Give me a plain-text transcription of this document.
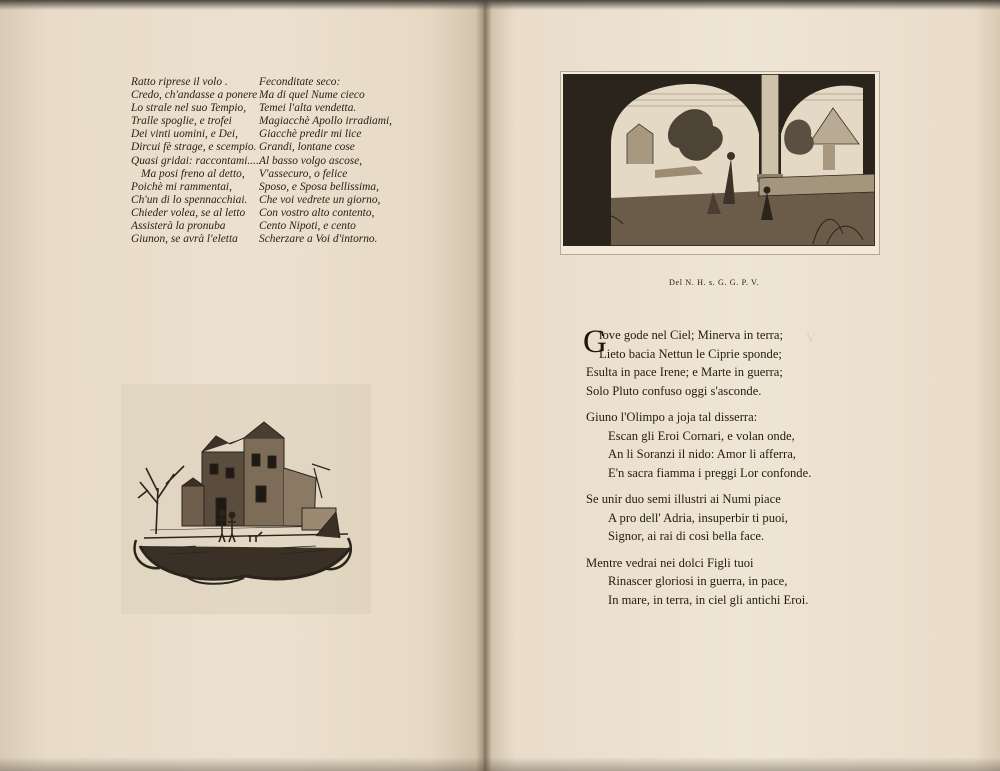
Ratto riprese il volo .
Credo, ch'andasse a ponere
Lo strale nel suo Tempio,
Tralle spoglie, e trofei
Dei vinti uomini, e Dei,
Dircui fè strage, e scempio.
Quasi gridai: raccontami.....
Ma posi freno al detto,
Poichè mi rammentai,
Ch'un di lo spennacchiai.
Chieder volea, se al letto
Assisterà la pronuba
Giunon, se avrà l'eletta
Feconditate seco:
Ma di quel Nume cieco
Temei l'alta vendetta.
Magiacchè Apollo irradiami,
Giacchè predir mi lice
Grandi, lontane cose
Al basso volgo ascose,
V'assecuro, o felice
Sposo, e Sposa bellissima,
Che voi vedrete un giorno,
Con vostro alto contento,
Cento Nipoti, e cento
Scherzare a Voi d'intorno.
V
Del N. H. s. G. G. P. V.
G
iove gode nel Ciel; Minerva in terra;
Lieto bacia Nettun le Ciprie sponde;
Esulta in pace Irene; e Marte in guerra;
Solo Pluto confuso oggi s'asconde.
Giuno l'Olimpo a joja tal disserra:
Escan gli Eroi Cornari, e volan onde,
An li Soranzi il nido: Amor li afferra,
E'n sacra fiamma i preggi Lor confonde.
Se unir duo semi illustri ai Numi piace
A pro dell' Adria, insuperbir ti puoi,
Signor, ai rai di così bella face.
Mentre vedrai nei dolci Figli tuoi
Rinascer gloriosi in guerra, in pace,
In mare, in terra, in ciel gli antichi Eroi.
